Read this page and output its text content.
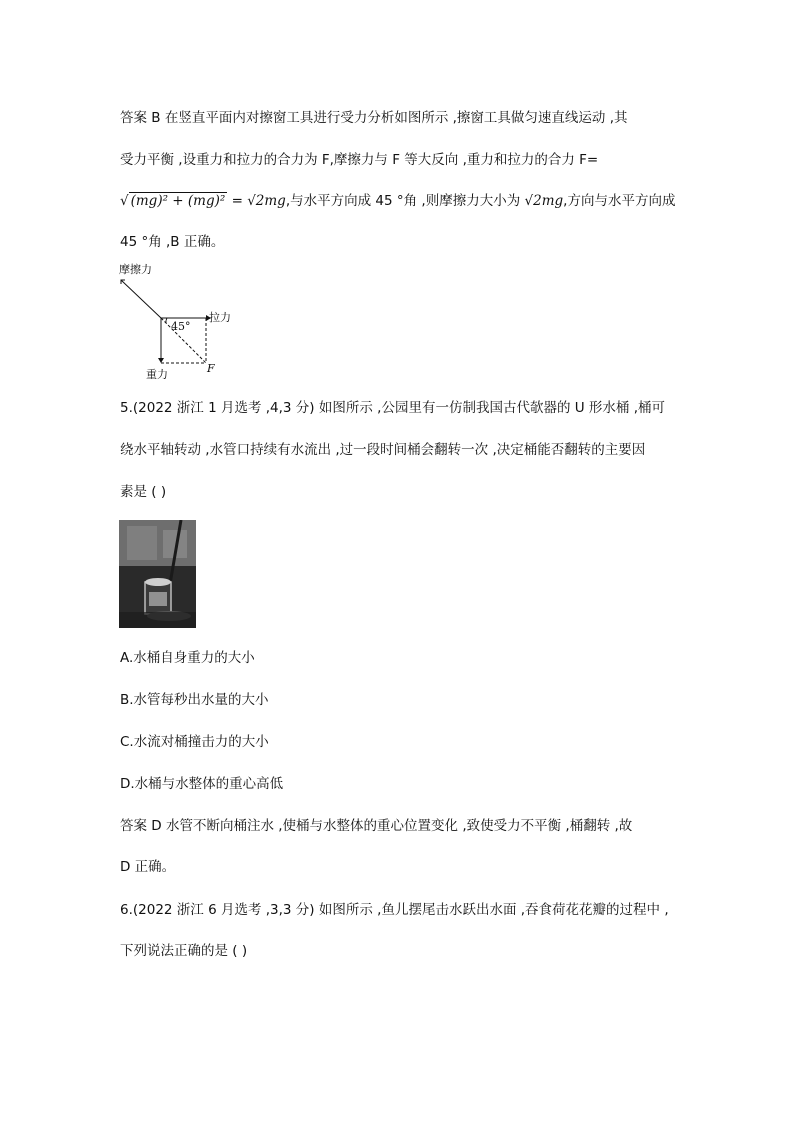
答案 B 在竖直平面内对擦窗工具进行受力分析如图所示 ,擦窗工具做匀速直线运动 ,其
受力平衡 ,设重力和拉力的合力为 F,摩擦力与 F 等大反向 ,重力和拉力的合力 F=
√ (mg)² + (mg)² = √2mg,与水平方向成 45 °角 ,则摩擦力大小为 √2mg,方向与水平方向成
45 °角 ,B 正确。
摩擦力
拉力
45°
重力	F
5.(2022 浙江 1 月选考 ,4,3 分) 如图所示 ,公园里有一仿制我国古代欹器的 U 形水桶 ,桶可
绕水平轴转动 ,水管口持续有水流出 ,过一段时间桶会翻转一次 ,决定桶能否翻转的主要因
素是 ( )
A.水桶自身重力的大小
B.水管每秒出水量的大小
C.水流对桶撞击力的大小
D.水桶与水整体的重心高低
答案 D 水管不断向桶注水 ,使桶与水整体的重心位置变化 ,致使受力不平衡 ,桶翻转 ,故
D 正确。
6.(2022 浙江 6 月选考 ,3,3 分) 如图所示 ,鱼儿摆尾击水跃出水面 ,吞食荷花花瓣的过程中 ,
下列说法正确的是 ( )
